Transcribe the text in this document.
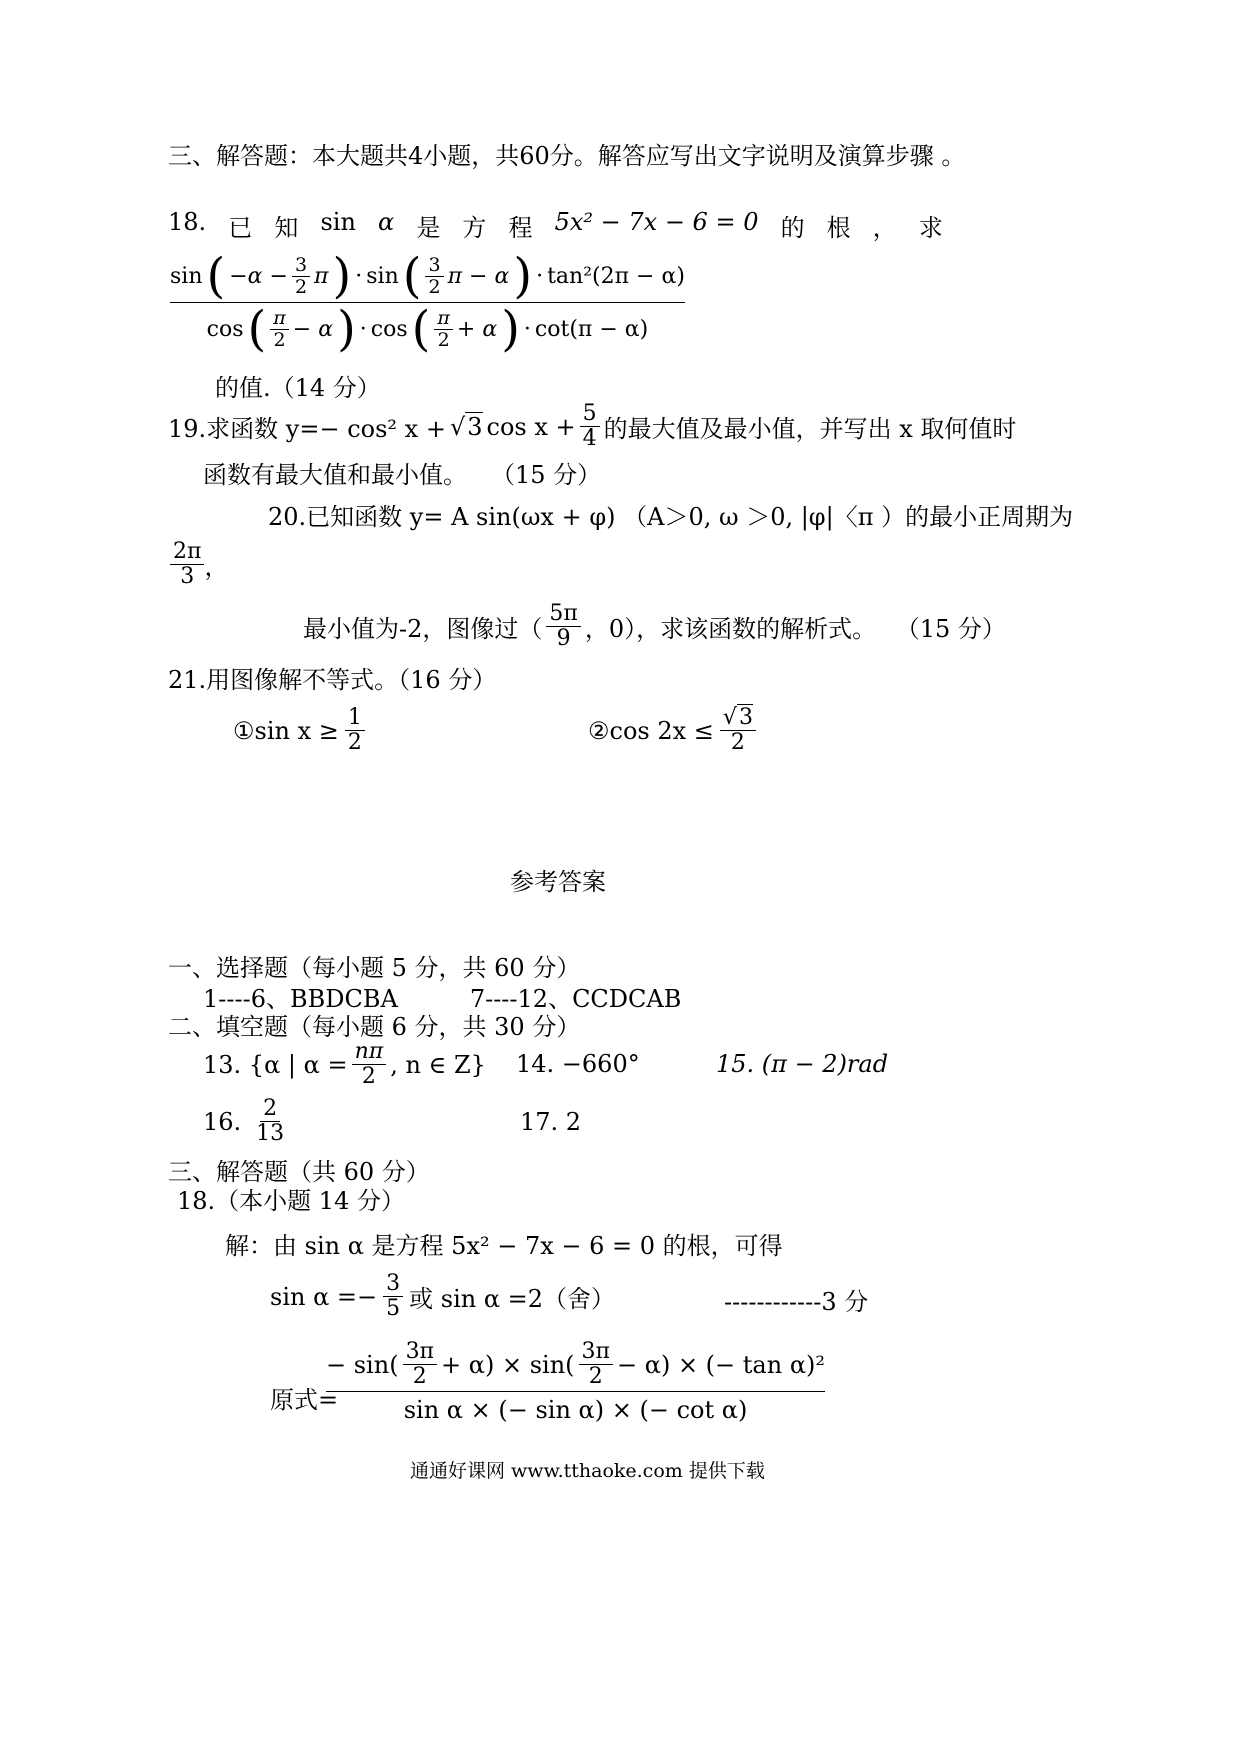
三、解答题：本大题共4小题，共60分。解答应写出文字说明及演算步骤 。
18. 已 知 sin α 是 方 程 5x² − 7x − 6 = 0 的 根 ， 求
sin ( $-\alpha - \frac{3}{2}$ π ) · sin ( $\frac{3}{2}$ π − α ) · tan²(2π − α)
cos ( $\frac{\pi}{2} - \alpha$ ) · cos ( $\frac{\pi}{2} + \alpha$ ) · cot(π − α)
的值.（14 分）
19.求函数 y=− cos² x + √3 $\cos x + \frac{5}{4}$ 的最大值及最小值，并写出 x 取何值时
函数有最大值和最小值。　　（15 分）
20.已知函数 y= A sin(ωx + φ) （A＞0, ω ＞0, |φ|〈π ）的最小正周期为
$\frac{2\pi}{3}$ ，
最小值为-2，图像过（ $\frac{5\pi}{9}$ ，0），求该函数的解析式。　 （15 分）
21.用图像解不等式。（16 分）
①sin $x \ge \frac{1}{2}$	②cos $2x \le \frac{√3}{2}$
参考答案
一、选择题（每小题 5 分，共 60 分）
1----6、BBDCBA　　　7----12、CCDCAB
二、填空题（每小题 6 分，共 30 分）
13. {α | $\alpha = \frac{n\pi}{2}$ , n ∈ Z} 14. −660°	15. (π − 2)rad
16. $\frac{2}{13}$	17. 2
三、解答题（共 60 分）
18.（本小题 14 分）
解：由 sin α 是方程 5x² − 7x − 6 = 0 的根，可得
$\sin \alpha =- \frac{3}{5}$ 或 sin α =2（舍）	------------3 分
原式=
$\frac{- \sin( \frac{3\pi}{2} + \alpha) \times \sin( \frac{3\pi}{2} - \alpha) \times (- \tan \alpha)^2}{\text{sin α × (− sin α) × (− cot α)}}$
通通好课网 www.tthaoke.com 提供下载
